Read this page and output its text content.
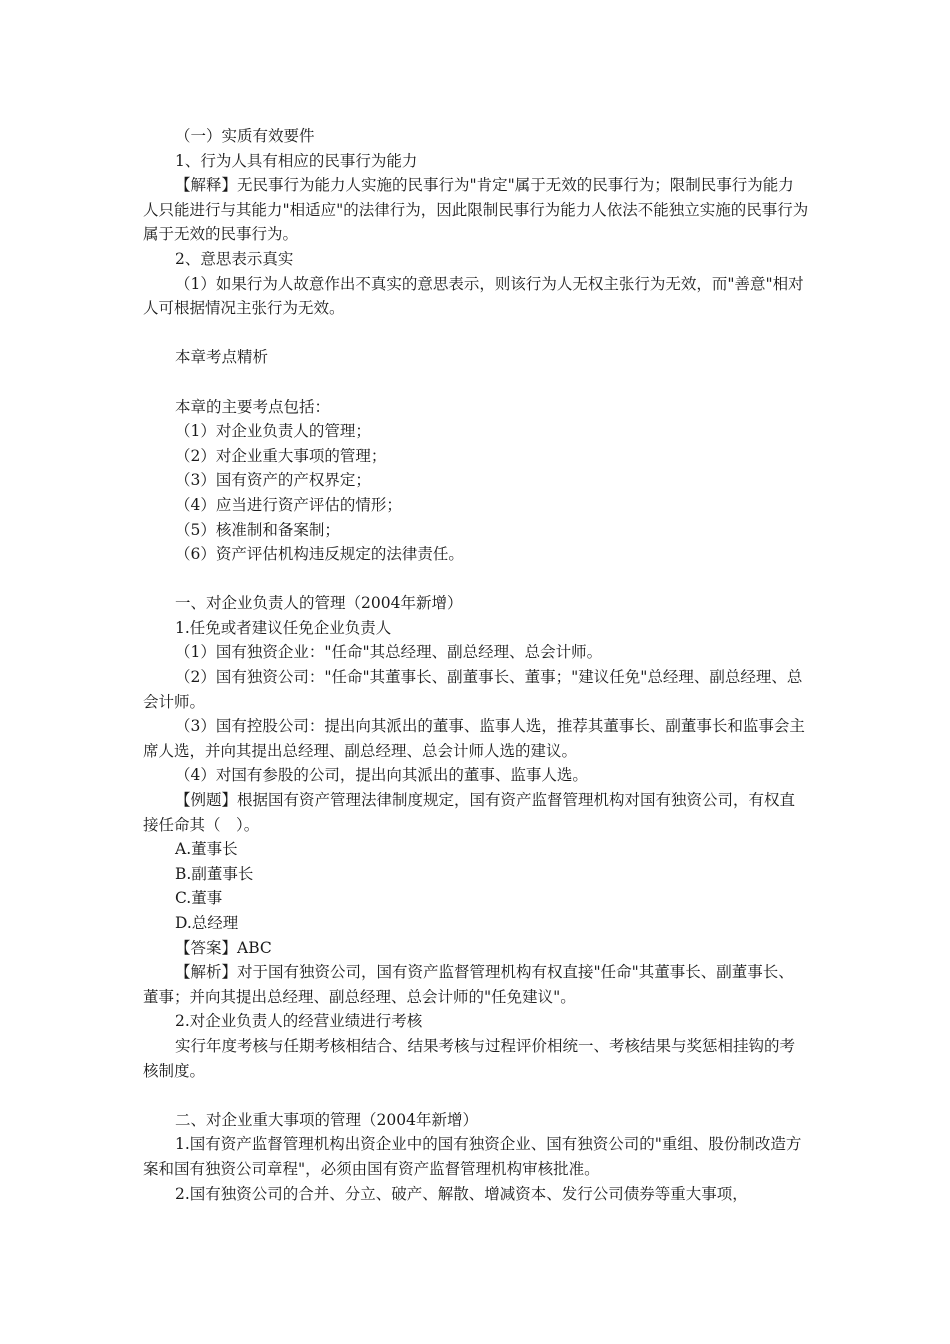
（一）实质有效要件

1、行为人具有相应的民事行为能力

【解释】无民事行为能力人实施的民事行为"肯定"属于无效的民事行为；限制民事行为能力人只能进行与其能力"相适应"的法律行为，因此限制民事行为能力人依法不能独立实施的民事行为属于无效的民事行为。

2、意思表示真实

（1）如果行为人故意作出不真实的意思表示，则该行为人无权主张行为无效，而"善意"相对人可根据情况主张行为无效。

本章考点精析

本章的主要考点包括：

（1）对企业负责人的管理；

（2）对企业重大事项的管理；

（3）国有资产的产权界定；

（4）应当进行资产评估的情形；

（5）核准制和备案制；

（6）资产评估机构违反规定的法律责任。

一、对企业负责人的管理（2004年新增）

1.任免或者建议任免企业负责人

（1）国有独资企业："任命"其总经理、副总经理、总会计师。

（2）国有独资公司："任命"其董事长、副董事长、董事；"建议任免"总经理、副总经理、总会计师。

（3）国有控股公司：提出向其派出的董事、监事人选，推荐其董事长、副董事长和监事会主席人选，并向其提出总经理、副总经理、总会计师人选的建议。

（4）对国有参股的公司，提出向其派出的董事、监事人选。

【例题】根据国有资产管理法律制度规定，国有资产监督管理机构对国有独资公司，有权直接任命其（　）。

A.董事长

B.副董事长

C.董事

D.总经理

【答案】ABC

【解析】对于国有独资公司，国有资产监督管理机构有权直接"任命"其董事长、副董事长、董事；并向其提出总经理、副总经理、总会计师的"任免建议"。

2.对企业负责人的经营业绩进行考核

实行年度考核与任期考核相结合、结果考核与过程评价相统一、考核结果与奖惩相挂钩的考核制度。

二、对企业重大事项的管理（2004年新增）

1.国有资产监督管理机构出资企业中的国有独资企业、国有独资公司的"重组、股份制改造方案和国有独资公司章程"，必须由国有资产监督管理机构审核批准。

2.国有独资公司的合并、分立、破产、解散、增减资本、发行公司债券等重大事项，
